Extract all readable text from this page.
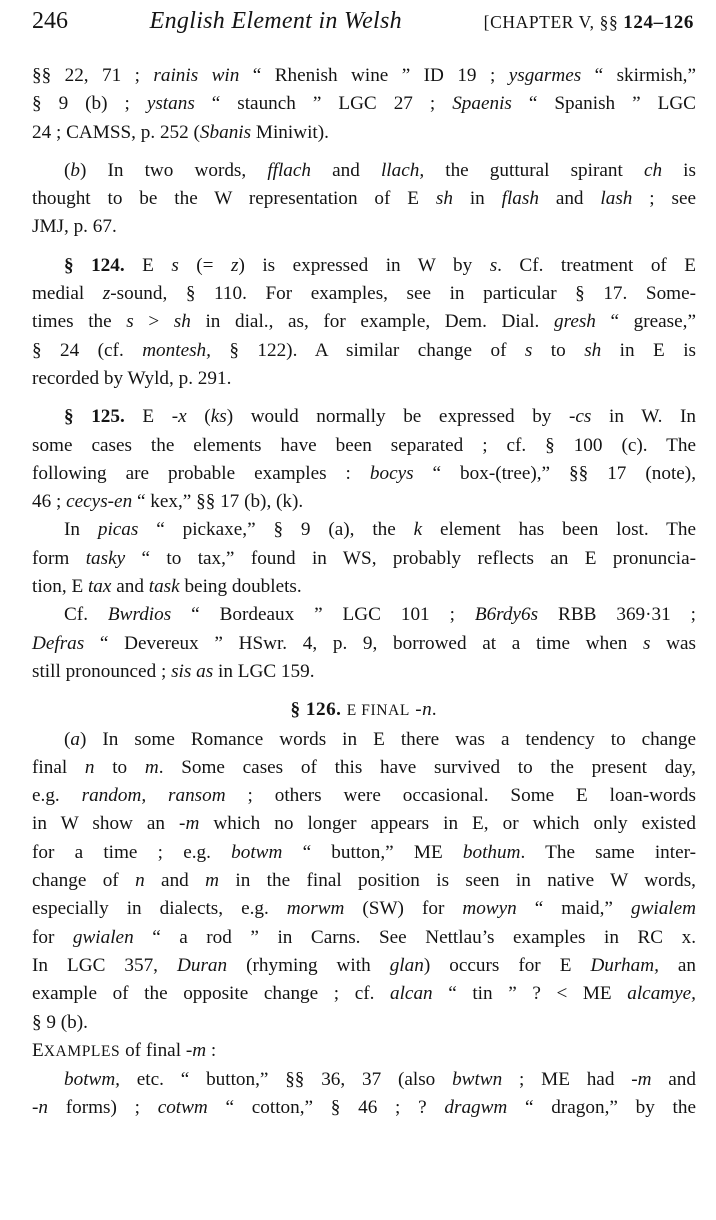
246	English Element in Welsh	[CHAPTER V, §§ 124–126

§§ 22, 71 ; rainis win “ Rhenish wine ” ID 19 ; ysgarmes “ skirmish,”
§ 9 (b) ; ystans “ staunch ” LGC 27 ; Spaenis “ Spanish ” LGC
24 ; CAMSS, p. 252 (Sbanis Miniwit).

(b) In two words, fflach and llach, the guttural spirant ch is
thought to be the W representation of E sh in flash and lash ; see
JMJ, p. 67.

§ 124. E s (= z) is expressed in W by s. Cf. treatment of E
medial z-sound, § 110. For examples, see in particular § 17. Some-
times the s > sh in dial., as, for example, Dem. Dial. gresh “ grease,”
§ 24 (cf. montesh, § 122). A similar change of s to sh in E is
recorded by Wyld, p. 291.

§ 125. E -x (ks) would normally be expressed by -cs in W. In
some cases the elements have been separated ; cf. § 100 (c). The
following are probable examples : bocys “ box-(tree),” §§ 17 (note),
46 ; cecys-en “ kex,” §§ 17 (b), (k).

In picas “ pickaxe,” § 9 (a), the k element has been lost. The
form tasky “ to tax,” found in WS, probably reflects an E pronuncia-
tion, E tax and task being doublets.

Cf. Bwrdios “ Bordeaux ” LGC 101 ; B6rdy6s RBB 369·31 ;
Defras “ Devereux ” HSwr. 4, p. 9, borrowed at a time when s was
still pronounced ; sis as in LGC 159.

§ 126. E FINAL -n.

(a) In some Romance words in E there was a tendency to change
final n to m. Some cases of this have survived to the present day,
e.g. random, ransom ; others were occasional. Some E loan-words
in W show an -m which no longer appears in E, or which only existed
for a time ; e.g. botwm “ button,” ME bothum. The same inter-
change of n and m in the final position is seen in native W words,
especially in dialects, e.g. morwm (SW) for mowyn “ maid,” gwialem
for gwialen “ a rod ” in Carns. See Nettlau’s examples in RC x.
In LGC 357, Duran (rhyming with glan) occurs for E Durham, an
example of the opposite change ; cf. alcan “ tin ” ? < ME alcamye,
§ 9 (b).

EXAMPLES of final -m :

botwm, etc. “ button,” §§ 36, 37 (also bwtwn ; ME had -m and
-n forms) ; cotwm “ cotton,” § 46 ; ? dragwm “ dragon,” by the
